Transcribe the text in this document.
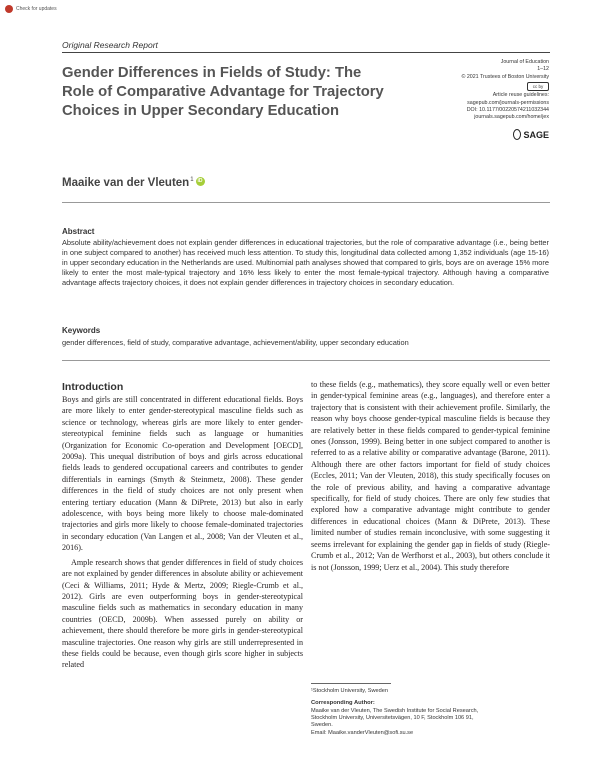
Check for updates
Original Research Report
Gender Differences in Fields of Study: The Role of Comparative Advantage for Trajectory Choices in Upper Secondary Education
Journal of Education
1–12
© 2021 Trustees of Boston University
cc by
Article reuse guidelines:
sagepub.com/journals-permissions
DOI: 10.1177/00220574211032344
journals.sagepub.com/home/jex
SAGE
Maaike van der Vleuten$^1$ iD
Abstract
Absolute ability/achievement does not explain gender differences in educational trajectories, but the role of comparative advantage (i.e., being better in one subject compared to another) has received much less attention. To study this, longitudinal data collected among 1,352 individuals (age 15-16) in upper secondary education in the Netherlands are used. Multinomial path analyses showed that compared to girls, boys are on average 15% more likely to enter the most male-typical trajectory and 16% less likely to enter the most female-typical trajectory. Although having a comparative advantage affects trajectory choices, it does not explain gender differences in trajectory choices in secondary education.
Keywords
gender differences, field of study, comparative advantage, achievement/ability, upper secondary education
Introduction

Boys and girls are still concentrated in different educational fields. Boys are more likely to enter gender-stereotypical masculine fields such as science or technology, whereas girls are more likely to enter gender-stereotypical feminine fields such as language or humanities (Organization for Economic Co-operation and Development [OECD], 2009a). This unequal distribution of boys and girls across educational fields leads to gendered occupational careers and contributes to gender differentials in earnings (Smyth & Steinmetz, 2008). These gender differences in the field of study choices are not only present when entering tertiary education (Mann & DiPrete, 2013) but also in early adolescence, with boys being more likely to choose male-dominated trajectories and girls more likely to choose female-dominated trajectories in secondary education (Van Langen et al., 2008; Van der Vleuten et al., 2016).

Ample research shows that gender differences in field of study choices are not explained by gender differences in absolute ability or achievement (Ceci & Williams, 2011; Hyde & Mertz, 2009; Riegle-Crumb et al., 2012). Girls are even outperforming boys in gender-stereotypical masculine fields such as mathematics in secondary education in many countries (OECD, 2009b). When assessed purely on ability or achievement, there should therefore be more girls in gender-stereotypical masculine trajectories. One reason why girls are still underrepresented in these fields could be because, even though girls score higher in subjects related

to these fields (e.g., mathematics), they score equally well or even better in gender-typical feminine areas (e.g., languages), and therefore enter a trajectory that is consistent with their achievement profile. Similarly, the reason why boys choose gender-typical masculine fields is because they are relatively better in these fields compared to gender-typical feminine ones (Jonsson, 1999). Being better in one subject compared to another is referred to as a relative ability or comparative advantage (Barone, 2011). Although there are other factors important for field of study choices (Eccles, 2011; Van der Vleuten, 2018), this study specifically focuses on the role of previous ability, and having a comparative advantage specifically, for field of study choices. There are only few studies that explored how a comparative advantage might contribute to gender differences in educational choices (Mann & DiPrete, 2013). These limited number of studies remain inconclusive, with some suggesting it seems irrelevant for explaining the gender gap in fields of study (Riegle-Crumb et al., 2012; Van de Werfhorst et al., 2003), but others conclude it is not (Jonsson, 1999; Uerz et al., 2004). This study therefore

¹Stockholm University, Sweden
Corresponding Author:
Maaike van der Vleuten, The Swedish Institute for Social Research,
Stockholm University, Universitetsvägen, 10 F, Stockholm 106 91,
Sweden.
Email: Maaike.vanderVleuten@sofi.su.se
